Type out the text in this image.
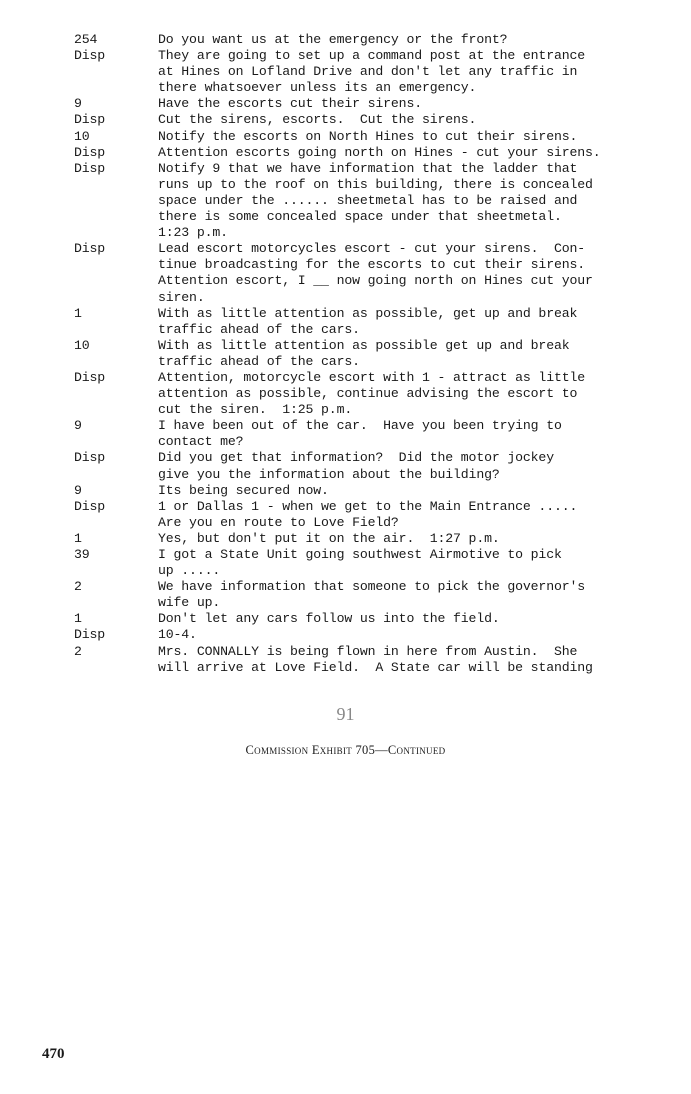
254	Do you want us at the emergency or the front?
Disp	They are going to set up a command post at the entrance
at Hines on Lofland Drive and don't let any traffic in
there whatsoever unless its an emergency.
9	Have the escorts cut their sirens.
Disp	Cut the sirens, escorts.  Cut the sirens.
10	Notify the escorts on North Hines to cut their sirens.
Disp	Attention escorts going north on Hines - cut your sirens.
Disp	Notify 9 that we have information that the ladder that
runs up to the roof on this building, there is concealed
space under the ...... sheetmetal has to be raised and
there is some concealed space under that sheetmetal.
1:23 p.m.
Disp	Lead escort motorcycles escort - cut your sirens.  Con-
tinue broadcasting for the escorts to cut their sirens.
Attention escort, I __ now going north on Hines cut your
siren.
1	With as little attention as possible, get up and break
traffic ahead of the cars.
10	With as little attention as possible get up and break
traffic ahead of the cars.
Disp	Attention, motorcycle escort with 1 - attract as little
attention as possible, continue advising the escort to
cut the siren.  1:25 p.m.
9	I have been out of the car.  Have you been trying to
contact me?
Disp	Did you get that information?  Did the motor jockey
give you the information about the building?
9	Its being secured now.
Disp	1 or Dallas 1 - when we get to the Main Entrance .....
Are you en route to Love Field?
1	Yes, but don't put it on the air.  1:27 p.m.
39	I got a State Unit going southwest Airmotive to pick
up .....
2	We have information that someone to pick the governor's
wife up.
1	Don't let any cars follow us into the field.
Disp	10-4.
2	Mrs. CONNALLY is being flown in here from Austin.  She
will arrive at Love Field.  A State car will be standing
91
Commission Exhibit 705—Continued
470
